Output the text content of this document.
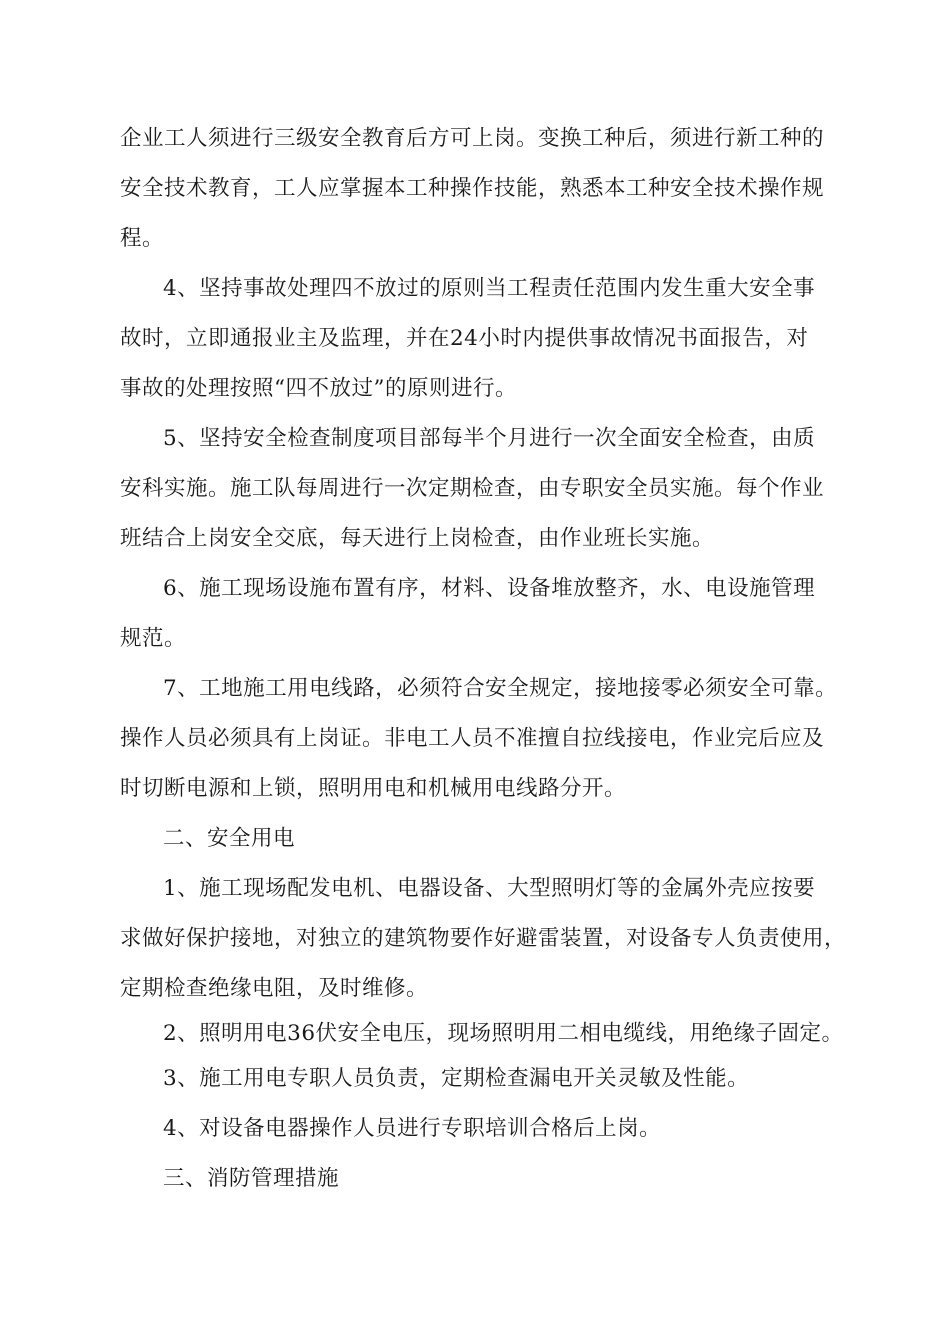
企业工人须进行三级安全教育后方可上岗。变换工种后，须进行新工种的
安全技术教育，工人应掌握本工种操作技能，熟悉本工种安全技术操作规
程。
4、坚持事故处理四不放过的原则当工程责任范围内发生重大安全事
故时，立即通报业主及监理，并在24小时内提供事故情况书面报告，对
事故的处理按照“四不放过”的原则进行。
5、坚持安全检查制度项目部每半个月进行一次全面安全检查，由质
安科实施。施工队每周进行一次定期检查，由专职安全员实施。每个作业
班结合上岗安全交底，每天进行上岗检查，由作业班长实施。
6、施工现场设施布置有序，材料、设备堆放整齐，水、电设施管理
规范。
7、工地施工用电线路，必须符合安全规定，接地接零必须安全可靠。
操作人员必须具有上岗证。非电工人员不准擅自拉线接电，作业完后应及
时切断电源和上锁，照明用电和机械用电线路分开。
二、安全用电
1、施工现场配发电机、电器设备、大型照明灯等的金属外壳应按要
求做好保护接地，对独立的建筑物要作好避雷装置，对设备专人负责使用，
定期检查绝缘电阻，及时维修。
2、照明用电36伏安全电压，现场照明用二相电缆线，用绝缘子固定。
3、施工用电专职人员负责，定期检查漏电开关灵敏及性能。
4、对设备电器操作人员进行专职培训合格后上岗。
三、消防管理措施
